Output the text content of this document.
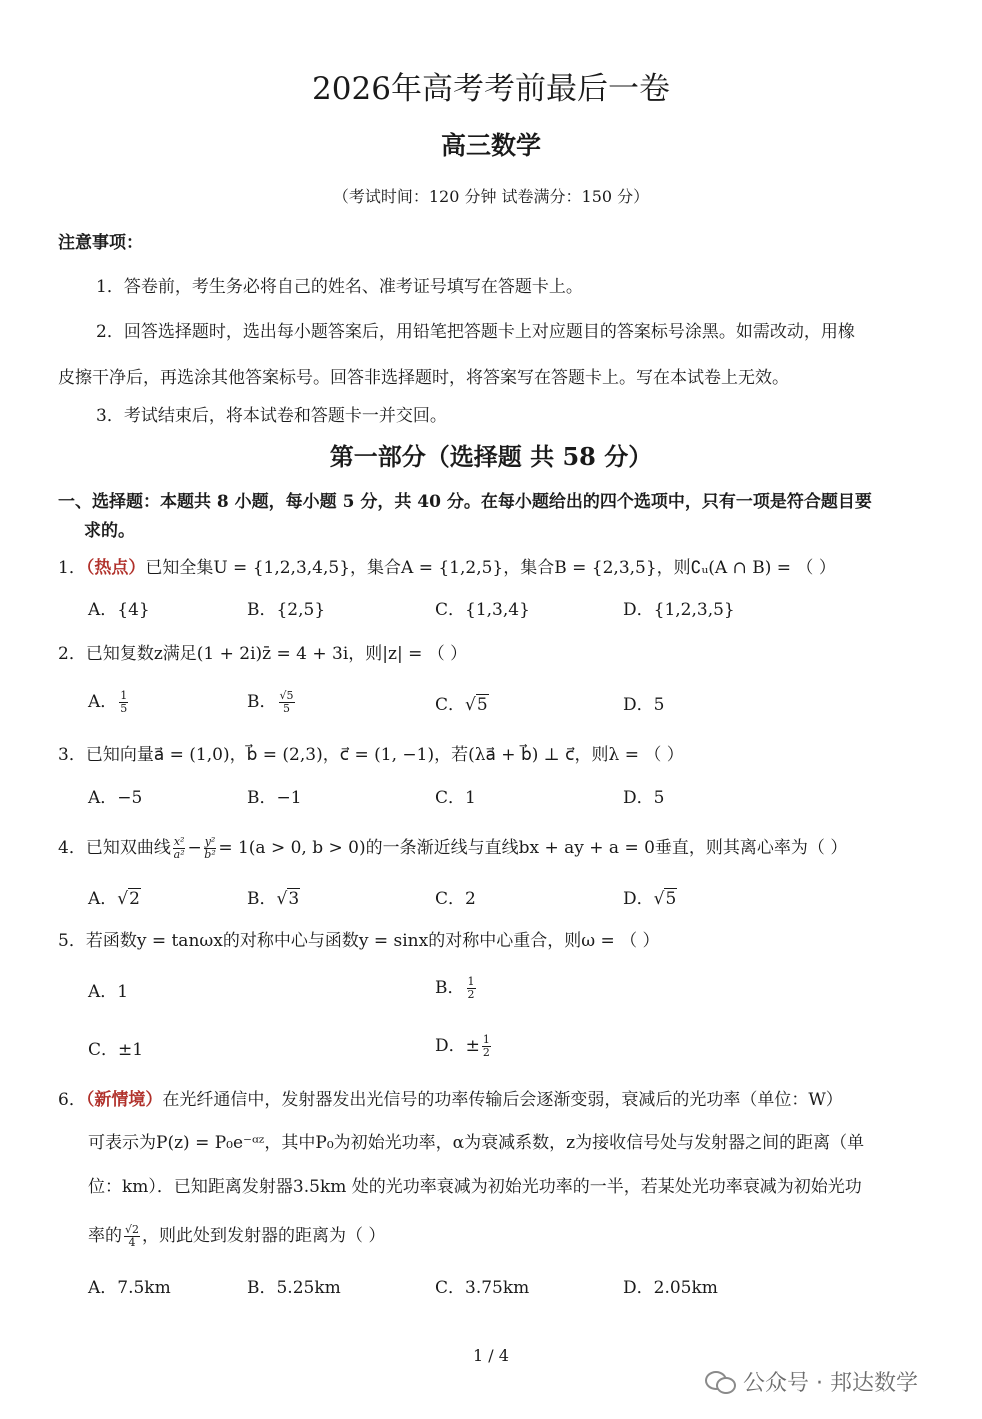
2026年高考考前最后一卷
高三数学
（考试时间：120 分钟 试卷满分：150 分）
注意事项：
1．答卷前，考生务必将自己的姓名、准考证号填写在答题卡上。
2．回答选择题时，选出每小题答案后，用铅笔把答题卡上对应题目的答案标号涂黑。如需改动，用橡
皮擦干净后，再选涂其他答案标号。回答非选择题时，将答案写在答题卡上。写在本试卷上无效。
3．考试结束后，将本试卷和答题卡一并交回。
第一部分（选择题 共 58 分）
一、选择题：本题共 8 小题，每小题 5 分，共 40 分。在每小题给出的四个选项中，只有一项是符合题目要
求的。
1．（热点）已知全集U = {1,2,3,4,5}，集合A = {1,2,5}，集合B = {2,3,5}，则∁ᵤ(A ∩ B) = （ ）
A．{4}	B．{2,5}	C．{1,3,4}	D．{1,2,3,5}
2．已知复数z满足(1 + 2i)z̄ = 4 + 3i，则|z| = （ ）
A． $\frac{1}{5}$	B． $\frac{√5}{5}$	C．√5	D．5
3．已知向量a⃗ = (1,0)，b⃗ = (2,3)，c⃗ = (1, −1)，若(λa⃗ + b⃗) ⊥ c⃗，则λ = （ ）
A．−5	B．−1	C．1	D．5
4．已知双曲线 $\frac{\text{x²}}{\text{a²}} - \frac{\text{y²}}{\text{b²}} = 1(a > 0$, b > 0)的一条渐近线与直线bx + ay + a = 0垂直，则其离心率为（ ）
A．√2	B．√3	C．2	D．√5
5．若函数y = tanωx的对称中心与函数y = sinx的对称中心重合，则ω = （ ）
A．1	B． $\frac{1}{2}$
C．±1	D．± $\frac{1}{2}$
6．（新情境）在光纤通信中，发射器发出光信号的功率传输后会逐渐变弱，衰减后的光功率（单位：W）
可表示为P(z) = P₀e⁻ᵅᶻ，其中P₀为初始光功率，α为衰减系数，z为接收信号处与发射器之间的距离（单
位：km）．已知距离发射器3.5km 处的光功率衰减为初始光功率的一半，若某处光功率衰减为初始光功
率的 $\frac{√2}{4}$ ，则此处到发射器的距离为（ ）
A．7.5km	B．5.25km	C．3.75km	D．2.05km
1 / 4
公众号 · 邦达数学
